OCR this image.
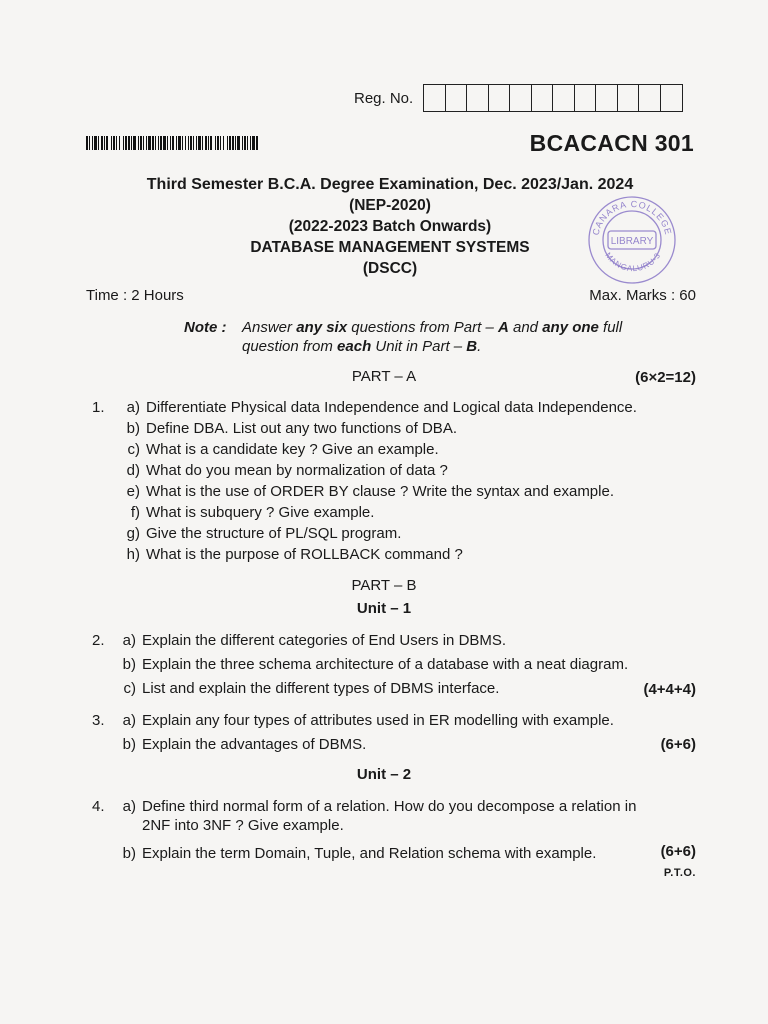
Reg. No.
BCACACN 301
Third Semester B.C.A. Degree Examination, Dec. 2023/Jan. 2024
(NEP-2020)
(2022-2023 Batch Onwards)
DATABASE MANAGEMENT SYSTEMS
(DSCC)
CANARA COLLEGE
LIBRARY
MANGALURU-3
Time : 2 Hours	Max. Marks : 60
Note : Answer any six questions from Part – A and any one full
question from each Unit in Part – B.
PART – A	(6×2=12)
1.	a) Differentiate Physical data Independence and Logical data Independence.
b) Define DBA. List out any two functions of DBA.
c) What is a candidate key ? Give an example.
d) What do you mean by normalization of data ?
e) What is the use of ORDER BY clause ? Write the syntax and example.
f) What is subquery ? Give example.
g) Give the structure of PL/SQL program.
h) What is the purpose of ROLLBACK command ?
PART – B
Unit – 1
2.	a) Explain the different categories of End Users in DBMS.
b) Explain the three schema architecture of a database with a neat diagram.
c) List and explain the different types of DBMS interface.	(4+4+4)
3.	a) Explain any four types of attributes used in ER modelling with example.
b) Explain the advantages of DBMS.	(6+6)
Unit – 2
4.	a) Define third normal form of a relation. How do you decompose a relation in
2NF into 3NF ? Give example.
b) Explain the term Domain, Tuple, and Relation schema with example.	(6+6)
P.T.O.
